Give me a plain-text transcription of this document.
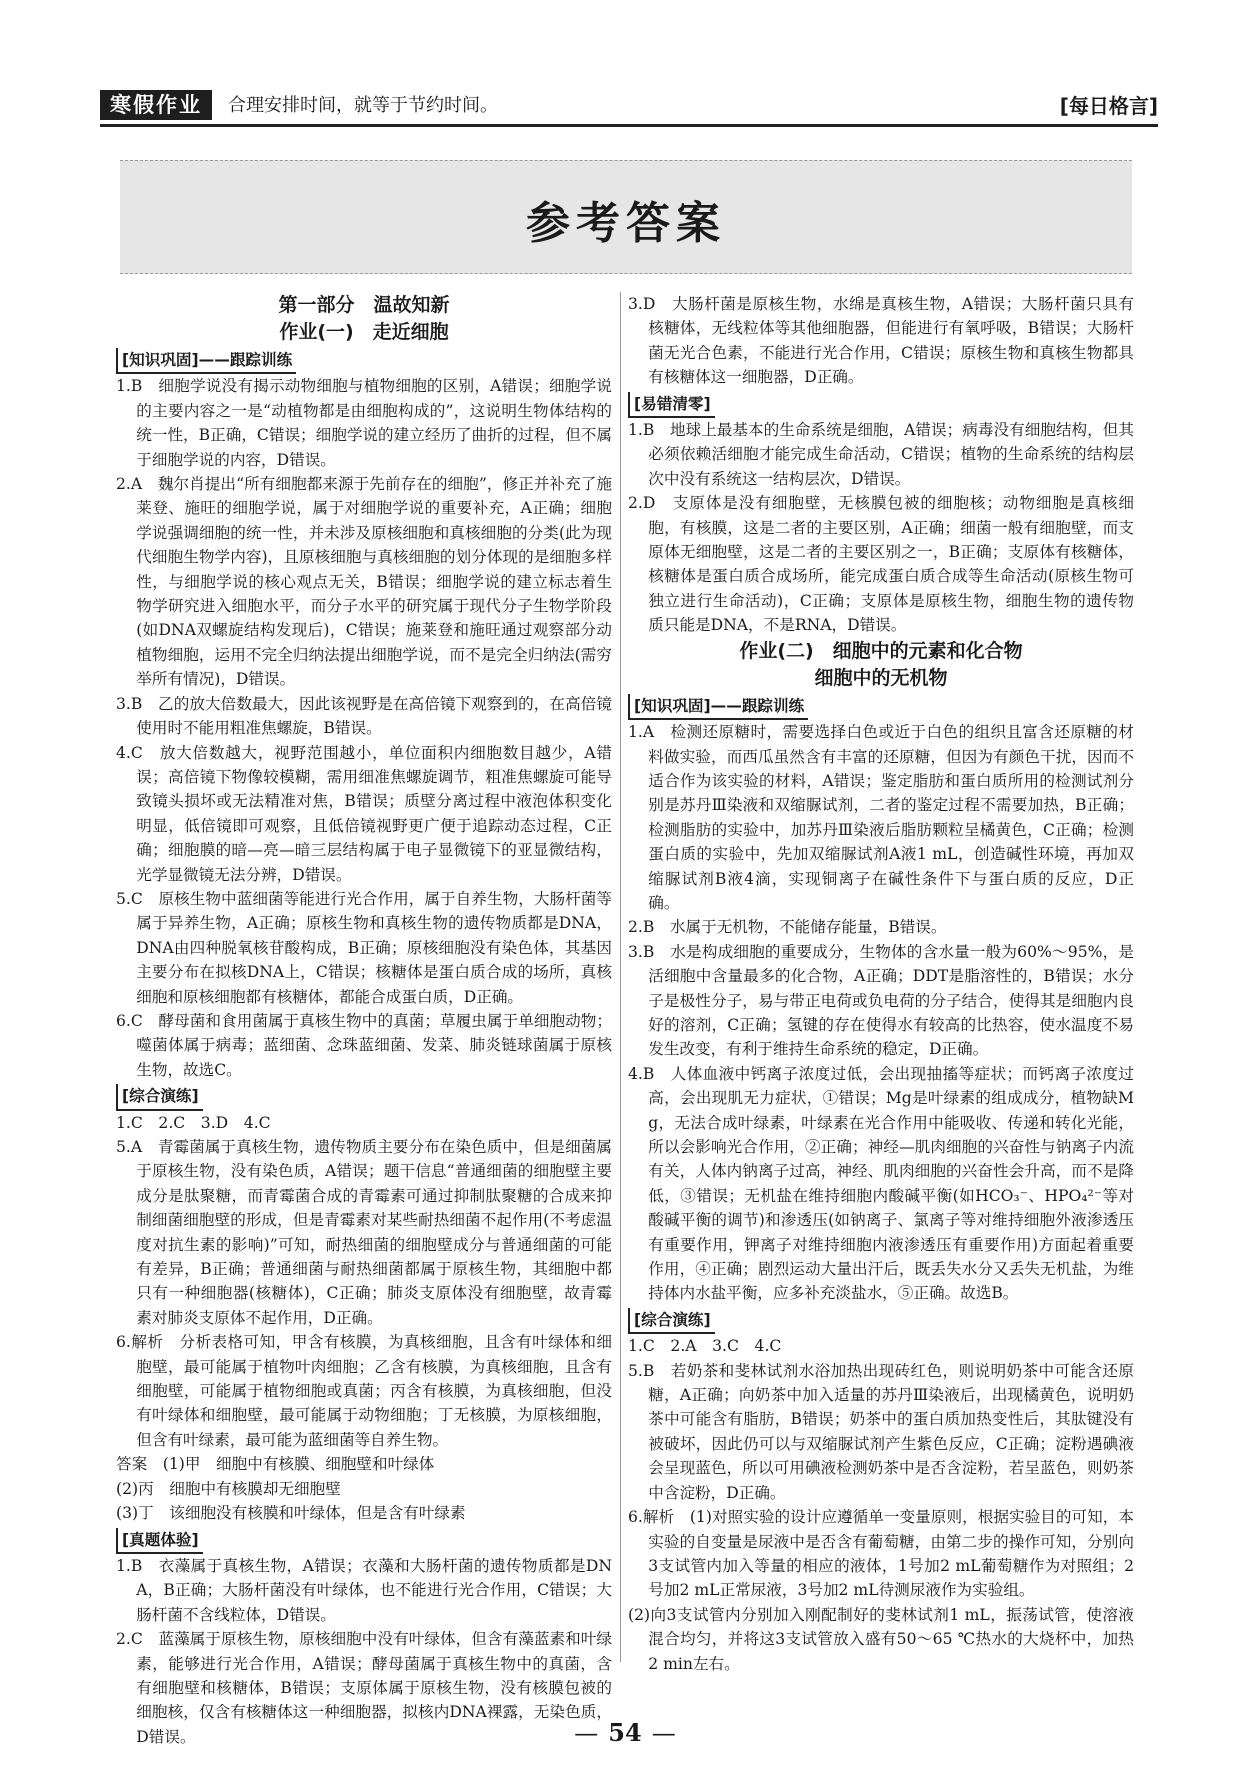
寒假作业	合理安排时间，就等于节约时间。	[每日格言]
参考答案
第一部分　温故知新
作业(一)　走近细胞
[知识巩固]——跟踪训练

1.B　细胞学说没有揭示动物细胞与植物细胞的区别，A错误；细胞学说的主要内容之一是“动植物都是由细胞构成的”，这说明生物体结构的统一性，B正确，C错误；细胞学说的建立经历了曲折的过程，但不属于细胞学说的内容，D错误。

2.A　魏尔肖提出“所有细胞都来源于先前存在的细胞”，修正并补充了施莱登、施旺的细胞学说，属于对细胞学说的重要补充，A正确；细胞学说强调细胞的统一性，并未涉及原核细胞和真核细胞的分类(此为现代细胞生物学内容)，且原核细胞与真核细胞的划分体现的是细胞多样性，与细胞学说的核心观点无关，B错误；细胞学说的建立标志着生物学研究进入细胞水平，而分子水平的研究属于现代分子生物学阶段(如DNA双螺旋结构发现后)，C错误；施莱登和施旺通过观察部分动植物细胞，运用不完全归纳法提出细胞学说，而不是完全归纳法(需穷举所有情况)，D错误。

3.B　乙的放大倍数最大，因此该视野是在高倍镜下观察到的，在高倍镜使用时不能用粗准焦螺旋，B错误。

4.C　放大倍数越大，视野范围越小，单位面积内细胞数目越少，A错误；高倍镜下物像较模糊，需用细准焦螺旋调节，粗准焦螺旋可能导致镜头损坏或无法精准对焦，B错误；质壁分离过程中液泡体积变化明显，低倍镜即可观察，且低倍镜视野更广便于追踪动态过程，C正确；细胞膜的暗—亮—暗三层结构属于电子显微镜下的亚显微结构，光学显微镜无法分辨，D错误。

5.C　原核生物中蓝细菌等能进行光合作用，属于自养生物，大肠杆菌等属于异养生物，A正确；原核生物和真核生物的遗传物质都是DNA，DNA由四种脱氧核苷酸构成，B正确；原核细胞没有染色体，其基因主要分布在拟核DNA上，C错误；核糖体是蛋白质合成的场所，真核细胞和原核细胞都有核糖体，都能合成蛋白质，D正确。

6.C　酵母菌和食用菌属于真核生物中的真菌；草履虫属于单细胞动物；噬菌体属于病毒；蓝细菌、念珠蓝细菌、发菜、肺炎链球菌属于原核生物，故选C。

[综合演练]

1.C　2.C　3.D　4.C

5.A　青霉菌属于真核生物，遗传物质主要分布在染色质中，但是细菌属于原核生物，没有染色质，A错误；题干信息“普通细菌的细胞壁主要成分是肽聚糖，而青霉菌合成的青霉素可通过抑制肽聚糖的合成来抑制细菌细胞壁的形成，但是青霉素对某些耐热细菌不起作用(不考虑温度对抗生素的影响)”可知，耐热细菌的细胞壁成分与普通细菌的可能有差异，B正确；普通细菌与耐热细菌都属于原核生物，其细胞中都只有一种细胞器(核糖体)，C正确；肺炎支原体没有细胞壁，故青霉素对肺炎支原体不起作用，D正确。

6.解析　分析表格可知，甲含有核膜，为真核细胞，且含有叶绿体和细胞壁，最可能属于植物叶肉细胞；乙含有核膜，为真核细胞，且含有细胞壁，可能属于植物细胞或真菌；丙含有核膜，为真核细胞，但没有叶绿体和细胞壁，最可能属于动物细胞；丁无核膜，为原核细胞，但含有叶绿素，最可能为蓝细菌等自养生物。

答案　(1)甲　细胞中有核膜、细胞壁和叶绿体

(2)丙　细胞中有核膜却无细胞壁

(3)丁　该细胞没有核膜和叶绿体，但是含有叶绿素

[真题体验]

1.B　衣藻属于真核生物，A错误；衣藻和大肠杆菌的遗传物质都是DNA，B正确；大肠杆菌没有叶绿体，也不能进行光合作用，C错误；大肠杆菌不含线粒体，D错误。

2.C　蓝藻属于原核生物，原核细胞中没有叶绿体，但含有藻蓝素和叶绿素，能够进行光合作用，A错误；酵母菌属于真核生物中的真菌，含有细胞壁和核糖体，B错误；支原体属于原核生物，没有核膜包被的细胞核，仅含有核糖体这一种细胞器，拟核内DNA裸露，无染色质，D错误。

3.D　大肠杆菌是原核生物，水绵是真核生物，A错误；大肠杆菌只具有核糖体，无线粒体等其他细胞器，但能进行有氧呼吸，B错误；大肠杆菌无光合色素，不能进行光合作用，C错误；原核生物和真核生物都具有核糖体这一细胞器，D正确。

[易错清零]

1.B　地球上最基本的生命系统是细胞，A错误；病毒没有细胞结构，但其必须依赖活细胞才能完成生命活动，C错误；植物的生命系统的结构层次中没有系统这一结构层次，D错误。

2.D　支原体是没有细胞壁，无核膜包被的细胞核；动物细胞是真核细胞，有核膜，这是二者的主要区别，A正确；细菌一般有细胞壁，而支原体无细胞壁，这是二者的主要区别之一，B正确；支原体有核糖体，核糖体是蛋白质合成场所，能完成蛋白质合成等生命活动(原核生物可独立进行生命活动)，C正确；支原体是原核生物，细胞生物的遗传物质只能是DNA，不是RNA，D错误。

作业(二)　细胞中的元素和化合物
细胞中的无机物
[知识巩固]——跟踪训练

1.A　检测还原糖时，需要选择白色或近于白色的组织且富含还原糖的材料做实验，而西瓜虽然含有丰富的还原糖，但因为有颜色干扰，因而不适合作为该实验的材料，A错误；鉴定脂肪和蛋白质所用的检测试剂分别是苏丹Ⅲ染液和双缩脲试剂，二者的鉴定过程不需要加热，B正确；检测脂肪的实验中，加苏丹Ⅲ染液后脂肪颗粒呈橘黄色，C正确；检测蛋白质的实验中，先加双缩脲试剂A液1 mL，创造碱性环境，再加双缩脲试剂B液4滴，实现铜离子在碱性条件下与蛋白质的反应，D正确。

2.B　水属于无机物，不能储存能量，B错误。

3.B　水是构成细胞的重要成分，生物体的含水量一般为60%～95%，是活细胞中含量最多的化合物，A正确；DDT是脂溶性的，B错误；水分子是极性分子，易与带正电荷或负电荷的分子结合，使得其是细胞内良好的溶剂，C正确；氢键的存在使得水有较高的比热容，使水温度不易发生改变，有利于维持生命系统的稳定，D正确。

4.B　人体血液中钙离子浓度过低，会出现抽搐等症状；而钙离子浓度过高，会出现肌无力症状，①错误；Mg是叶绿素的组成成分，植物缺Mg，无法合成叶绿素，叶绿素在光合作用中能吸收、传递和转化光能，所以会影响光合作用，②正确；神经—肌肉细胞的兴奋性与钠离子内流有关，人体内钠离子过高，神经、肌肉细胞的兴奋性会升高，而不是降低，③错误；无机盐在维持细胞内酸碱平衡(如HCO₃⁻、HPO₄²⁻等对酸碱平衡的调节)和渗透压(如钠离子、氯离子等对维持细胞外液渗透压有重要作用，钾离子对维持细胞内液渗透压有重要作用)方面起着重要作用，④正确；剧烈运动大量出汗后，既丢失水分又丢失无机盐，为维持体内水盐平衡，应多补充淡盐水，⑤正确。故选B。

[综合演练]

1.C　2.A　3.C　4.C

5.B　若奶茶和斐林试剂水浴加热出现砖红色，则说明奶茶中可能含还原糖，A正确；向奶茶中加入适量的苏丹Ⅲ染液后，出现橘黄色，说明奶茶中可能含有脂肪，B错误；奶茶中的蛋白质加热变性后，其肽键没有被破坏，因此仍可以与双缩脲试剂产生紫色反应，C正确；淀粉遇碘液会呈现蓝色，所以可用碘液检测奶茶中是否含淀粉，若呈蓝色，则奶茶中含淀粉，D正确。

6.解析　(1)对照实验的设计应遵循单一变量原则，根据实验目的可知，本实验的自变量是尿液中是否含有葡萄糖，由第二步的操作可知，分别向3支试管内加入等量的相应的液体，1号加2 mL葡萄糖作为对照组；2号加2 mL正常尿液，3号加2 mL待测尿液作为实验组。

(2)向3支试管内分别加入刚配制好的斐林试剂1 mL，振荡试管，使溶液混合均匀，并将这3支试管放入盛有50～65 ℃热水的大烧杯中，加热2 min左右。

— 54 —
